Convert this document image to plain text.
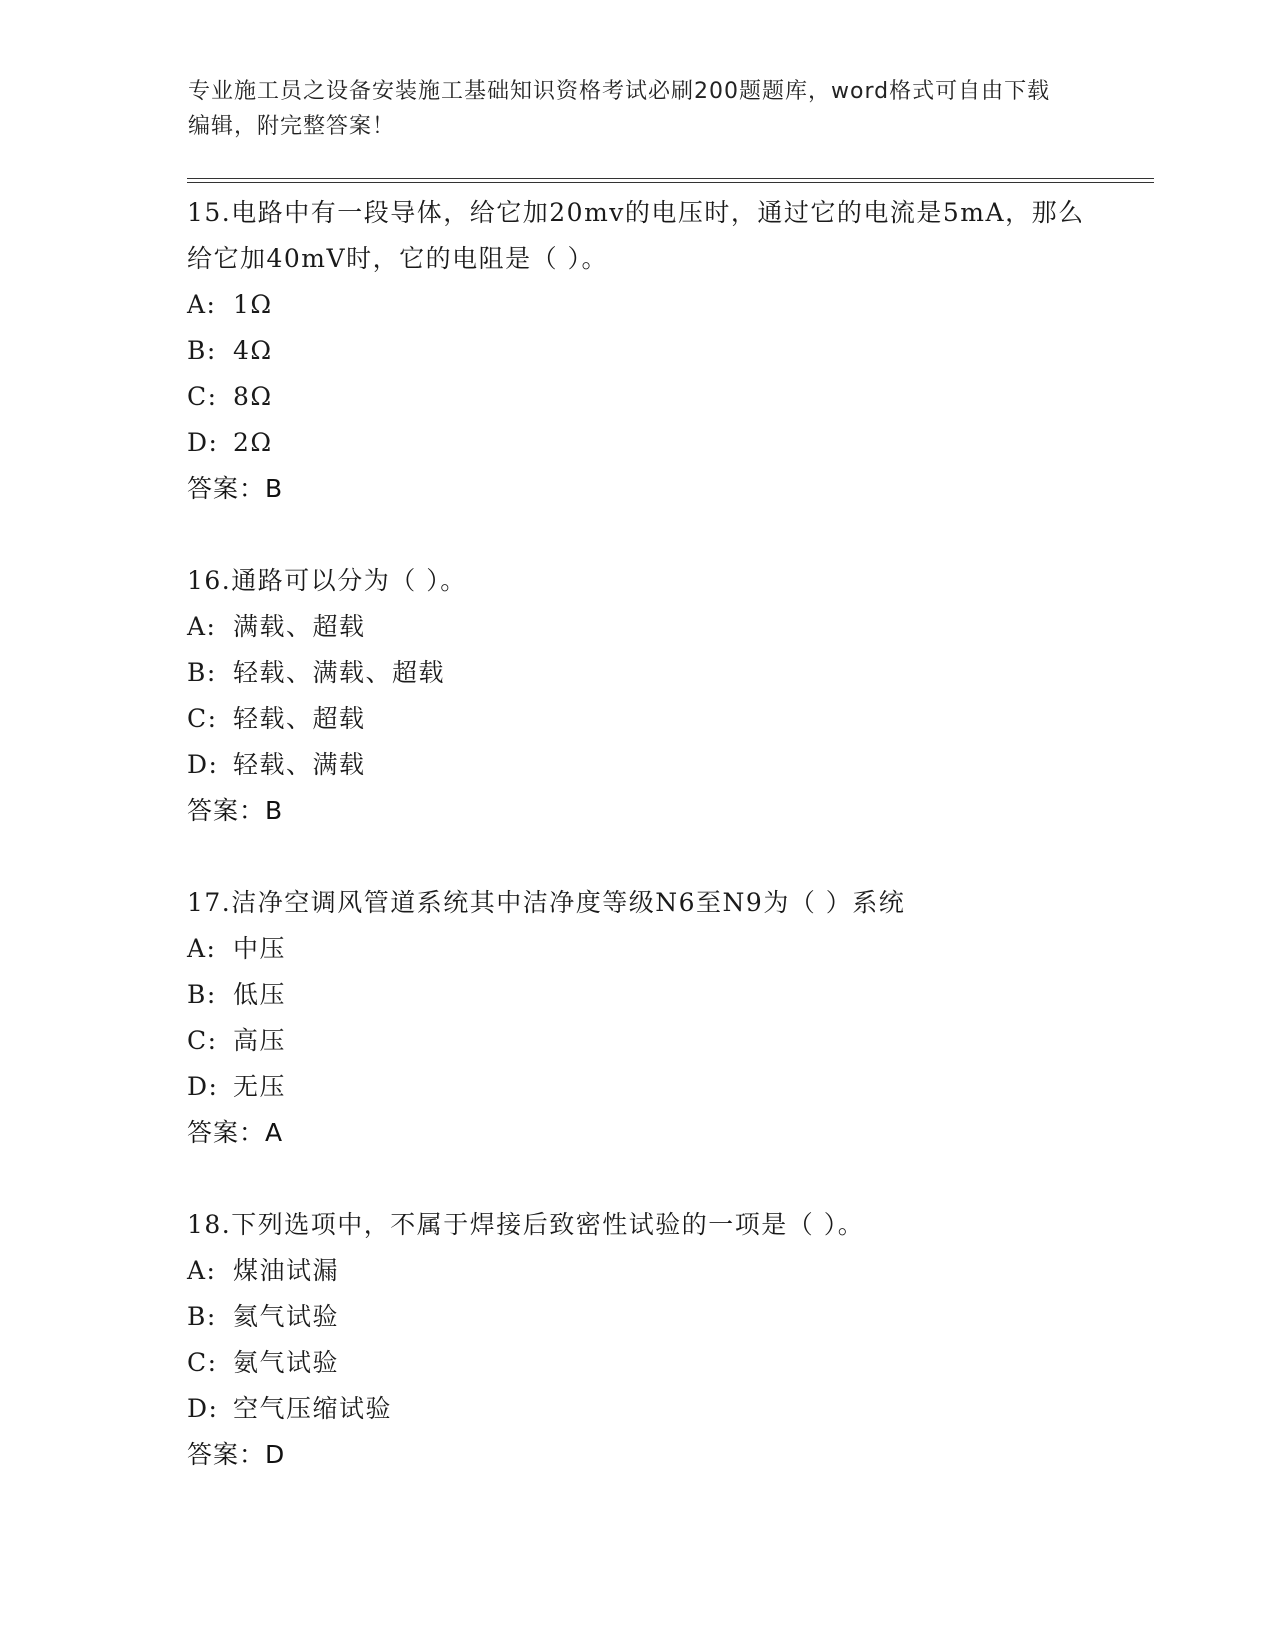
专业施工员之设备安装施工基础知识资格考试必刷200题题库，word格式可自由下载编辑，附完整答案！

15.电路中有一段导体，给它加20mv的电压时，通过它的电流是5mA，那么给它加40mV时，它的电阻是（ ）。

A: 1Ω
B: 4Ω
C: 8Ω
D: 2Ω
答案：B

16.通路可以分为（ ）。

A: 满载、超载
B: 轻载、满载、超载
C: 轻载、超载
D: 轻载、满载
答案：B

17.洁净空调风管道系统其中洁净度等级N6至N9为（ ）系统

A: 中压
B: 低压
C: 高压
D: 无压
答案：A

18.下列选项中，不属于焊接后致密性试验的一项是（ ）。

A: 煤油试漏
B: 氦气试验
C: 氨气试验
D: 空气压缩试验
答案：D
